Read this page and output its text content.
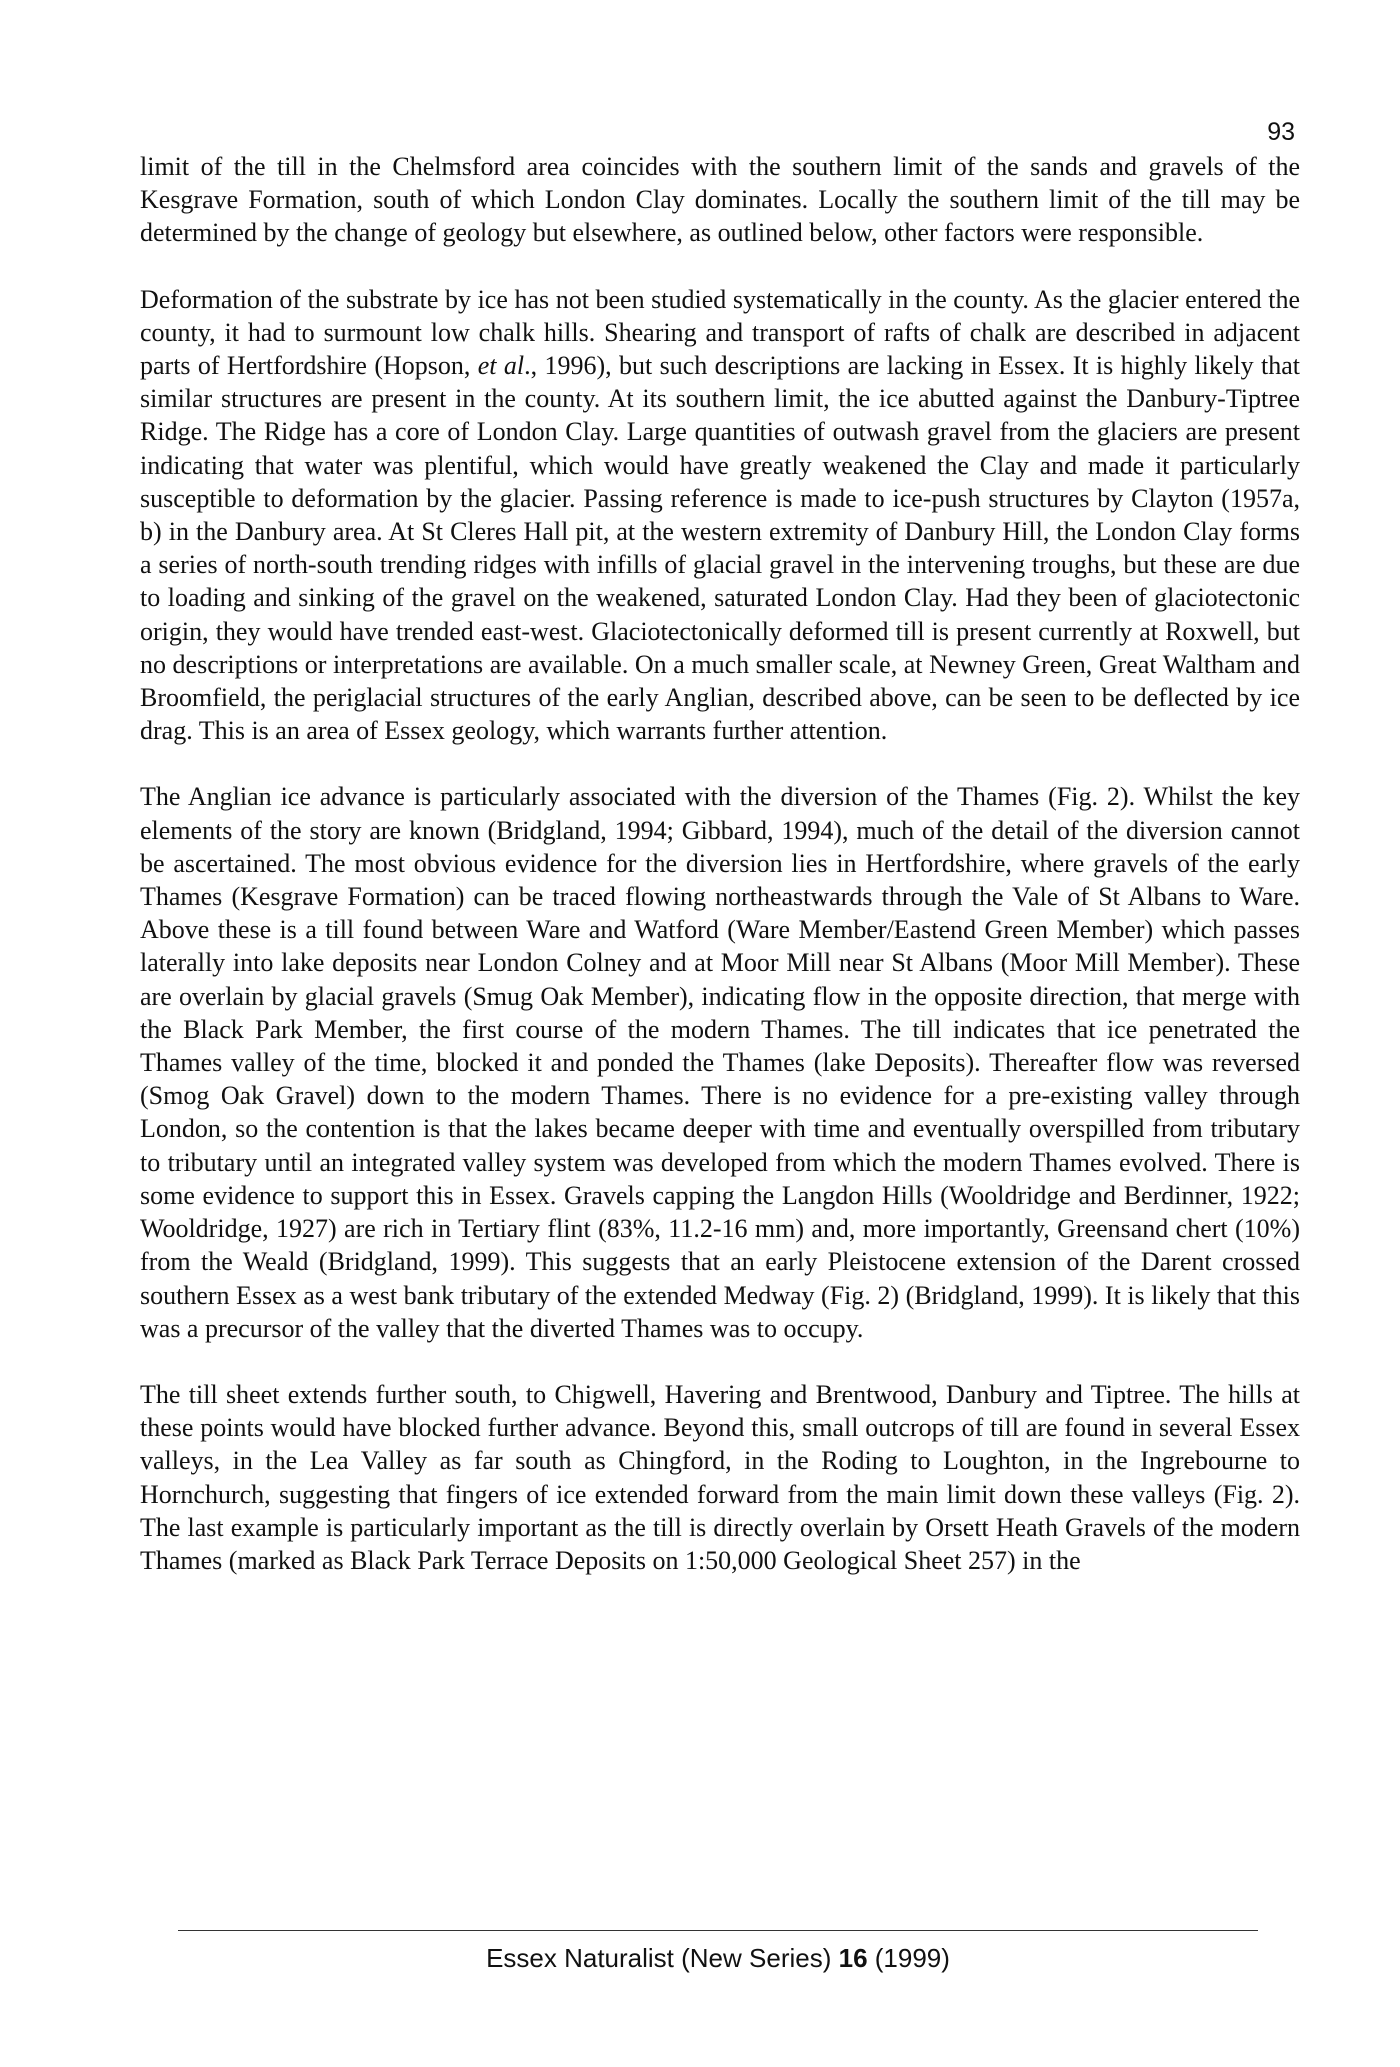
93

limit of the till in the Chelmsford area coincides with the southern limit of the sands and gravels of the Kesgrave Formation, south of which London Clay dominates. Locally the southern limit of the till may be determined by the change of geology but elsewhere, as outlined below, other factors were responsible.

Deformation of the substrate by ice has not been studied systematically in the county. As the glacier entered the county, it had to surmount low chalk hills. Shearing and transport of rafts of chalk are described in adjacent parts of Hertfordshire (Hopson, et al., 1996), but such descriptions are lacking in Essex. It is highly likely that similar structures are present in the county. At its southern limit, the ice abutted against the Danbury-Tiptree Ridge. The Ridge has a core of London Clay. Large quantities of outwash gravel from the glaciers are present indicating that water was plentiful, which would have greatly weakened the Clay and made it particularly susceptible to deformation by the glacier. Passing reference is made to ice-push structures by Clayton (1957a, b) in the Danbury area. At St Cleres Hall pit, at the western extremity of Danbury Hill, the London Clay forms a series of north-south trending ridges with infills of glacial gravel in the intervening troughs, but these are due to loading and sinking of the gravel on the weakened, saturated London Clay. Had they been of glaciotectonic origin, they would have trended east-west. Glaciotectonically deformed till is present currently at Roxwell, but no descriptions or interpretations are available. On a much smaller scale, at Newney Green, Great Waltham and Broomfield, the periglacial structures of the early Anglian, described above, can be seen to be deflected by ice drag. This is an area of Essex geology, which warrants further attention.

The Anglian ice advance is particularly associated with the diversion of the Thames (Fig. 2). Whilst the key elements of the story are known (Bridgland, 1994; Gibbard, 1994), much of the detail of the diversion cannot be ascertained. The most obvious evidence for the diversion lies in Hertfordshire, where gravels of the early Thames (Kesgrave Formation) can be traced flowing northeastwards through the Vale of St Albans to Ware. Above these is a till found between Ware and Watford (Ware Member/Eastend Green Member) which passes laterally into lake deposits near London Colney and at Moor Mill near St Albans (Moor Mill Member). These are overlain by glacial gravels (Smug Oak Member), indicating flow in the opposite direction, that merge with the Black Park Member, the first course of the modern Thames. The till indicates that ice penetrated the Thames valley of the time, blocked it and ponded the Thames (lake Deposits). Thereafter flow was reversed (Smog Oak Gravel) down to the modern Thames. There is no evidence for a pre-existing valley through London, so the contention is that the lakes became deeper with time and eventually overspilled from tributary to tributary until an integrated valley system was developed from which the modern Thames evolved. There is some evidence to support this in Essex. Gravels capping the Langdon Hills (Wooldridge and Berdinner, 1922; Wooldridge, 1927) are rich in Tertiary flint (83%, 11.2-16 mm) and, more importantly, Greensand chert (10%) from the Weald (Bridgland, 1999). This suggests that an early Pleistocene extension of the Darent crossed southern Essex as a west bank tributary of the extended Medway (Fig. 2) (Bridgland, 1999). It is likely that this was a precursor of the valley that the diverted Thames was to occupy.

The till sheet extends further south, to Chigwell, Havering and Brentwood, Danbury and Tiptree. The hills at these points would have blocked further advance. Beyond this, small outcrops of till are found in several Essex valleys, in the Lea Valley as far south as Chingford, in the Roding to Loughton, in the Ingrebourne to Hornchurch, suggesting that fingers of ice extended forward from the main limit down these valleys (Fig. 2). The last example is particularly important as the till is directly overlain by Orsett Heath Gravels of the modern Thames (marked as Black Park Terrace Deposits on 1:50,000 Geological Sheet 257) in the

Essex Naturalist (New Series) 16 (1999)
